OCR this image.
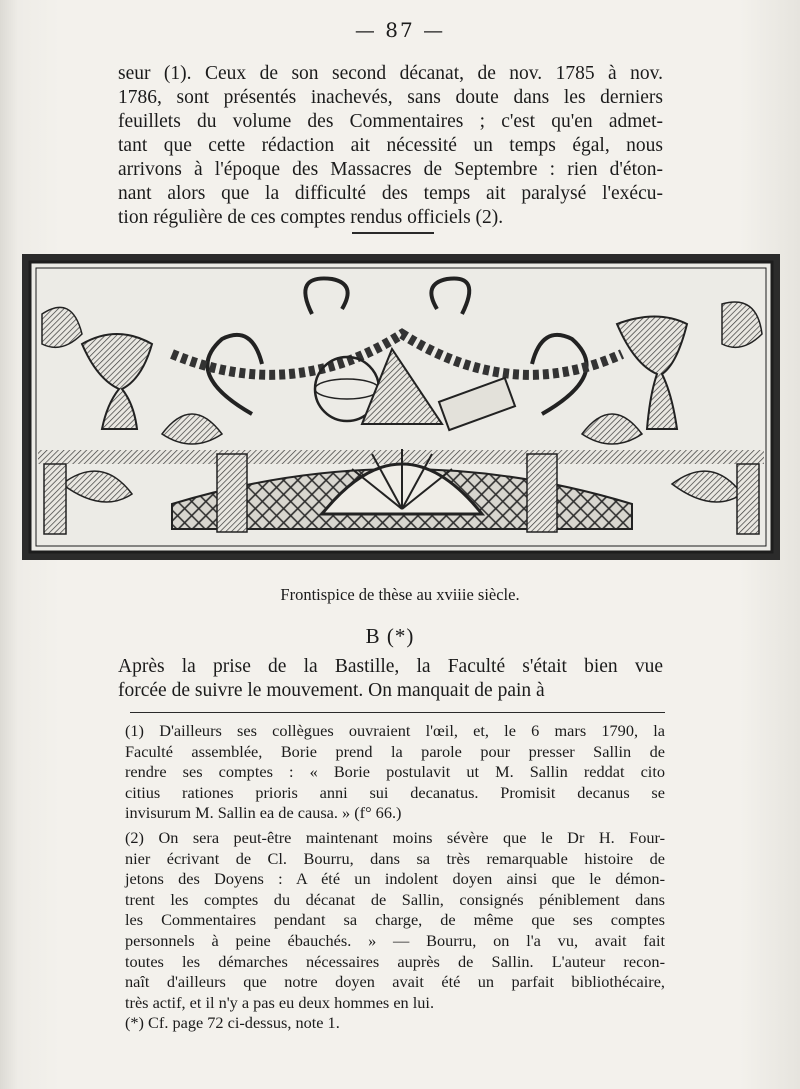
— 87 —
seur (1). Ceux de son second décanat, de nov. 1785 à nov.
1786, sont présentés inachevés, sans doute dans les derniers
feuillets du volume des Commentaires ; c'est qu'en admet-
tant que cette rédaction ait nécessité un temps égal, nous
arrivons à l'époque des Massacres de Septembre : rien d'éton-
nant alors que la difficulté des temps ait paralysé l'exécu-
tion régulière de ces comptes rendus officiels (2).
Frontispice de thèse au xviiie siècle.
B (*)
Après la prise de la Bastille, la Faculté s'était bien vue
forcée de suivre le mouvement. On manquait de pain à
(1) D'ailleurs ses collègues ouvraient l'œil, et, le 6 mars 1790, la
Faculté assemblée, Borie prend la parole pour presser Sallin de
rendre ses comptes : « Borie postulavit ut M. Sallin reddat cito
citius rationes prioris anni sui decanatus. Promisit decanus se
invisurum M. Sallin ea de causa. » (f° 66.)
(2) On sera peut-être maintenant moins sévère que le Dr H. Four-
nier écrivant de Cl. Bourru, dans sa très remarquable histoire de
jetons des Doyens : A été un indolent doyen ainsi que le démon-
trent les comptes du décanat de Sallin, consignés péniblement dans
les Commentaires pendant sa charge, de même que ses comptes
personnels à peine ébauchés. » — Bourru, on l'a vu, avait fait
toutes les démarches nécessaires auprès de Sallin. L'auteur recon-
naît d'ailleurs que notre doyen avait été un parfait bibliothécaire,
très actif, et il n'y a pas eu deux hommes en lui.
(*) Cf. page 72 ci-dessus, note 1.
